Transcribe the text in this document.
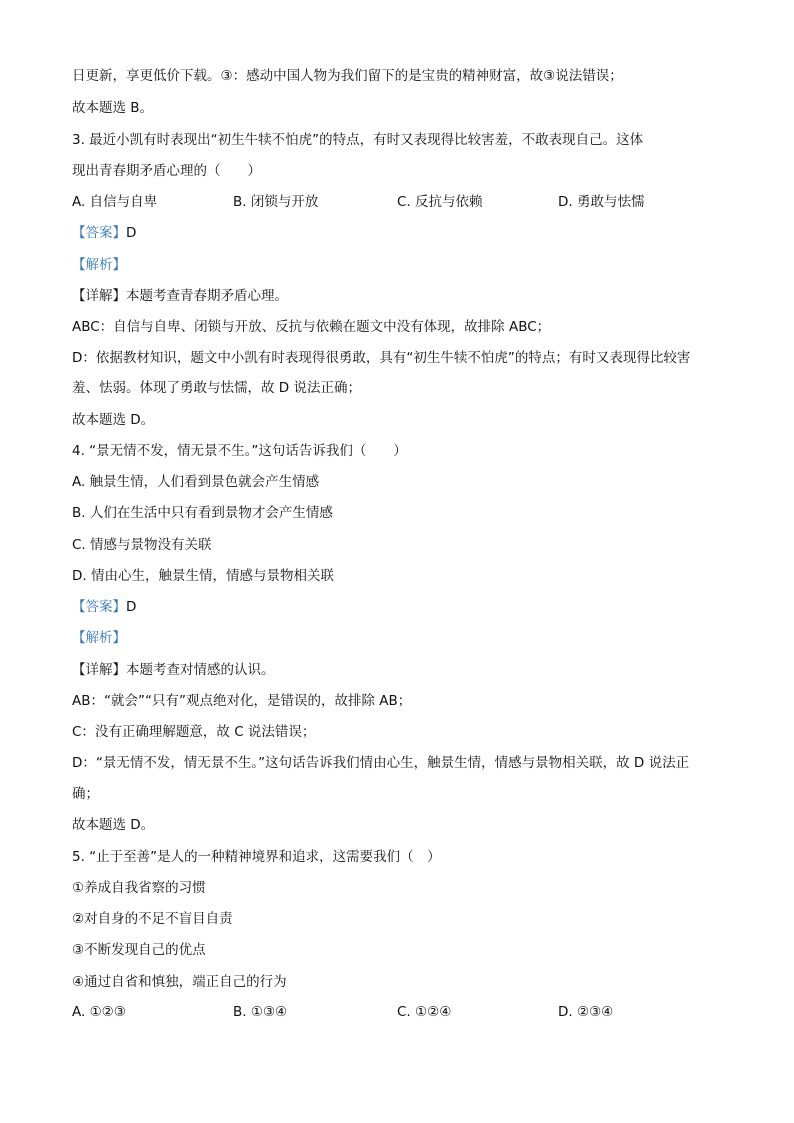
日更新，享更低价下载。③：感动中国人物为我们留下的是宝贵的精神财富，故③说法错误；
故本题选 B。
3. 最近小凯有时表现出“初生牛犊不怕虎”的特点，有时又表现得比较害羞，不敢表现自己。这体
现出青春期矛盾心理的（　　）
A. 自信与自卑	B. 闭锁与开放	C. 反抗与依赖	D. 勇敢与怯懦
【答案】D
【解析】
【详解】本题考查青春期矛盾心理。
ABC：自信与自卑、闭锁与开放、反抗与依赖在题文中没有体现，故排除 ABC；
D：依据教材知识，题文中小凯有时表现得很勇敢，具有“初生牛犊不怕虎”的特点；有时又表现得比较害
羞、怯弱。体现了勇敢与怯懦，故 D 说法正确；
故本题选 D。
4. “景无情不发，情无景不生。”这句话告诉我们（　　）
A. 触景生情，人们看到景色就会产生情感
B. 人们在生活中只有看到景物才会产生情感
C. 情感与景物没有关联
D. 情由心生，触景生情，情感与景物相关联
【答案】D
【解析】
【详解】本题考查对情感的认识。
AB：“就会”“只有”观点绝对化，是错误的，故排除 AB；
C：没有正确理解题意，故 C 说法错误；
D：“景无情不发，情无景不生。”这句话告诉我们情由心生，触景生情，情感与景物相关联，故 D 说法正
确；
故本题选 D。
5. “止于至善”是人的一种精神境界和追求，这需要我们（　）
①养成自我省察的习惯
②对自身的不足不盲目自责
③不断发现自己的优点
④通过自省和慎独，端正自己的行为
A. ①②③	B. ①③④	C. ①②④	D. ②③④
